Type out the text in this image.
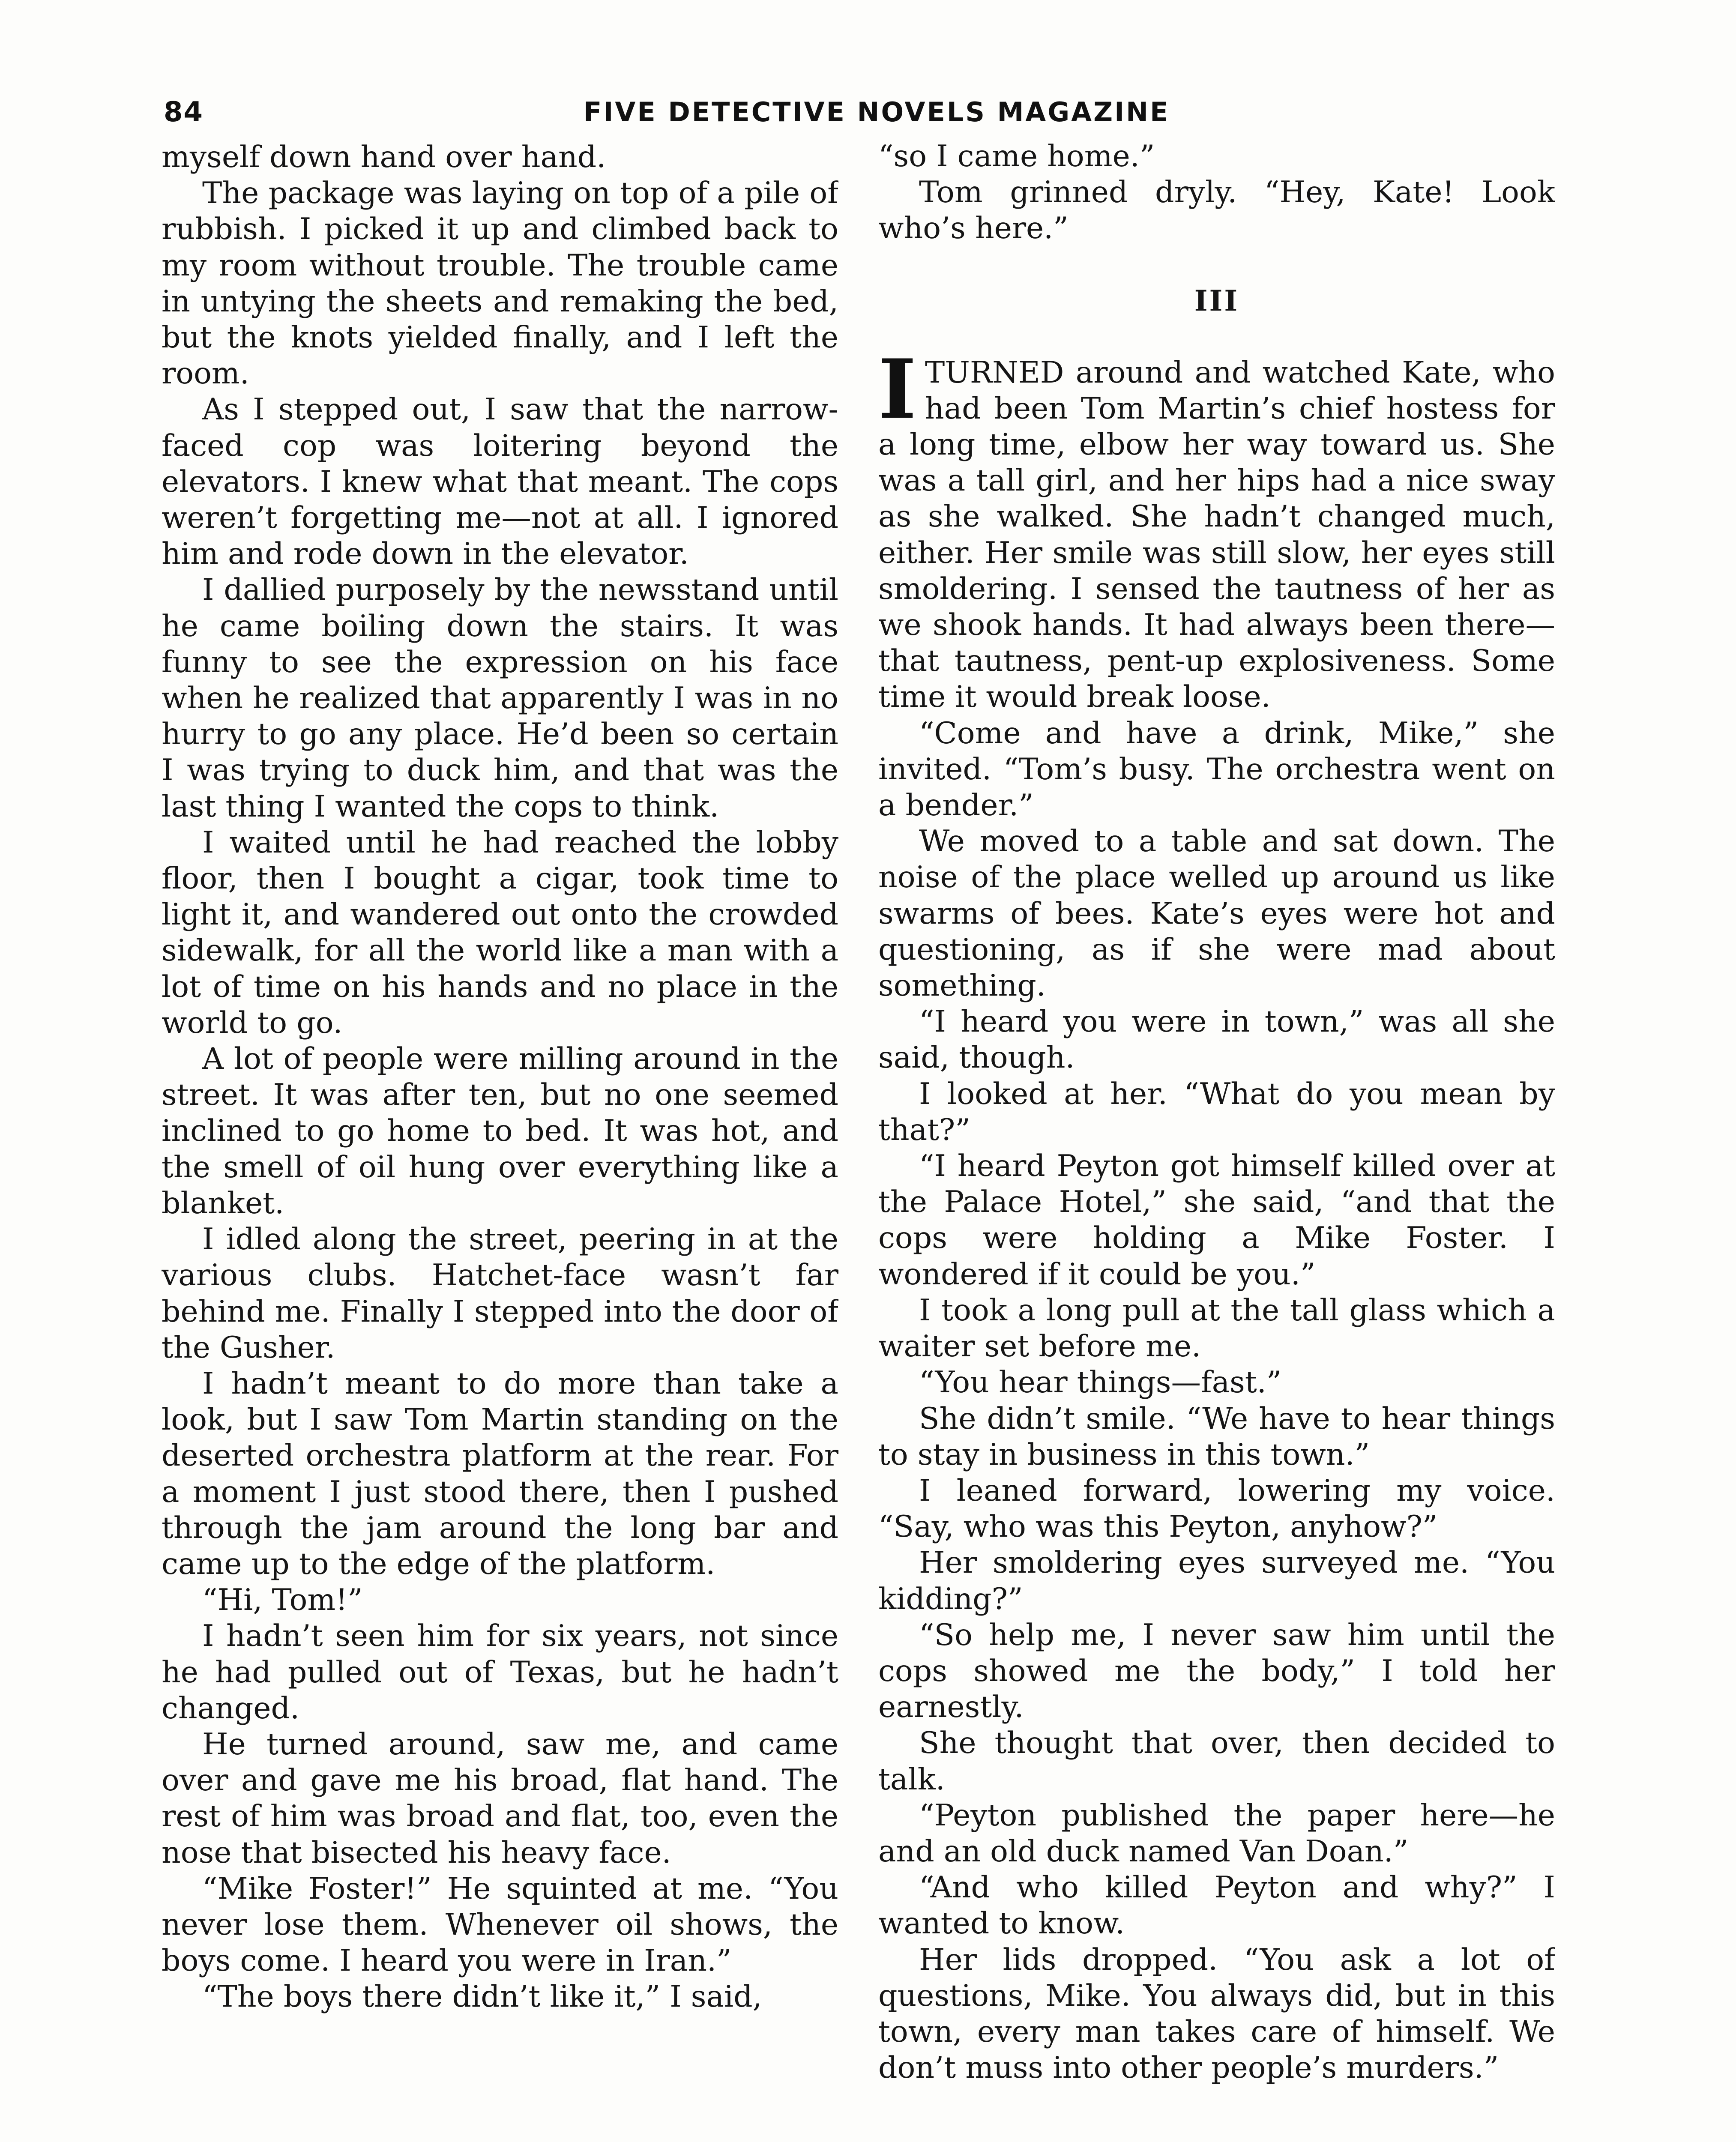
84	FIVE DETECTIVE NOVELS MAGAZINE

myself down hand over hand.

The package was laying on top of a pile of rubbish. I picked it up and climbed back to my room without trouble. The trouble came in untying the sheets and remaking the bed, but the knots yielded finally, and I left the room.

As I stepped out, I saw that the narrow-faced cop was loitering beyond the elevators. I knew what that meant. The cops weren’t forgetting me—not at all. I ignored him and rode down in the elevator.

I dallied purposely by the newsstand until he came boiling down the stairs. It was funny to see the expression on his face when he realized that apparently I was in no hurry to go any place. He’d been so certain I was trying to duck him, and that was the last thing I wanted the cops to think.

I waited until he had reached the lobby floor, then I bought a cigar, took time to light it, and wandered out onto the crowded sidewalk, for all the world like a man with a lot of time on his hands and no place in the world to go.

A lot of people were milling around in the street. It was after ten, but no one seemed inclined to go home to bed. It was hot, and the smell of oil hung over everything like a blanket.

I idled along the street, peering in at the various clubs. Hatchet-face wasn’t far behind me. Finally I stepped into the door of the Gusher.

I hadn’t meant to do more than take a look, but I saw Tom Martin standing on the deserted orchestra platform at the rear. For a moment I just stood there, then I pushed through the jam around the long bar and came up to the edge of the platform.

“Hi, Tom!”

I hadn’t seen him for six years, not since he had pulled out of Texas, but he hadn’t changed.

He turned around, saw me, and came over and gave me his broad, flat hand. The rest of him was broad and flat, too, even the nose that bisected his heavy face.

“Mike Foster!” He squinted at me. “You never lose them. Whenever oil shows, the boys come. I heard you were in Iran.”

“The boys there didn’t like it,” I said,

“so I came home.”

Tom grinned dryly. “Hey, Kate! Look who’s here.”

III
I TURNED around and watched Kate, who had been Tom Martin’s chief hostess for a long time, elbow her way toward us. She was a tall girl, and her hips had a nice sway as she walked. She hadn’t changed much, either. Her smile was still slow, her eyes still smoldering. I sensed the tautness of her as we shook hands. It had always been there—that tautness, pent-up explosiveness. Some time it would break loose.

“Come and have a drink, Mike,” she invited. “Tom’s busy. The orchestra went on a bender.”

We moved to a table and sat down. The noise of the place welled up around us like swarms of bees. Kate’s eyes were hot and questioning, as if she were mad about something.

“I heard you were in town,” was all she said, though.

I looked at her. “What do you mean by that?”

“I heard Peyton got himself killed over at the Palace Hotel,” she said, “and that the cops were holding a Mike Foster. I wondered if it could be you.”

I took a long pull at the tall glass which a waiter set before me.

“You hear things—fast.”

She didn’t smile. “We have to hear things to stay in business in this town.”

I leaned forward, lowering my voice. “Say, who was this Peyton, anyhow?”

Her smoldering eyes surveyed me. “You kidding?”

“So help me, I never saw him until the cops showed me the body,” I told her earnestly.

She thought that over, then decided to talk.

“Peyton published the paper here—he and an old duck named Van Doan.”

“And who killed Peyton and why?” I wanted to know.

Her lids dropped. “You ask a lot of questions, Mike. You always did, but in this town, every man takes care of himself. We don’t muss into other people’s murders.”
